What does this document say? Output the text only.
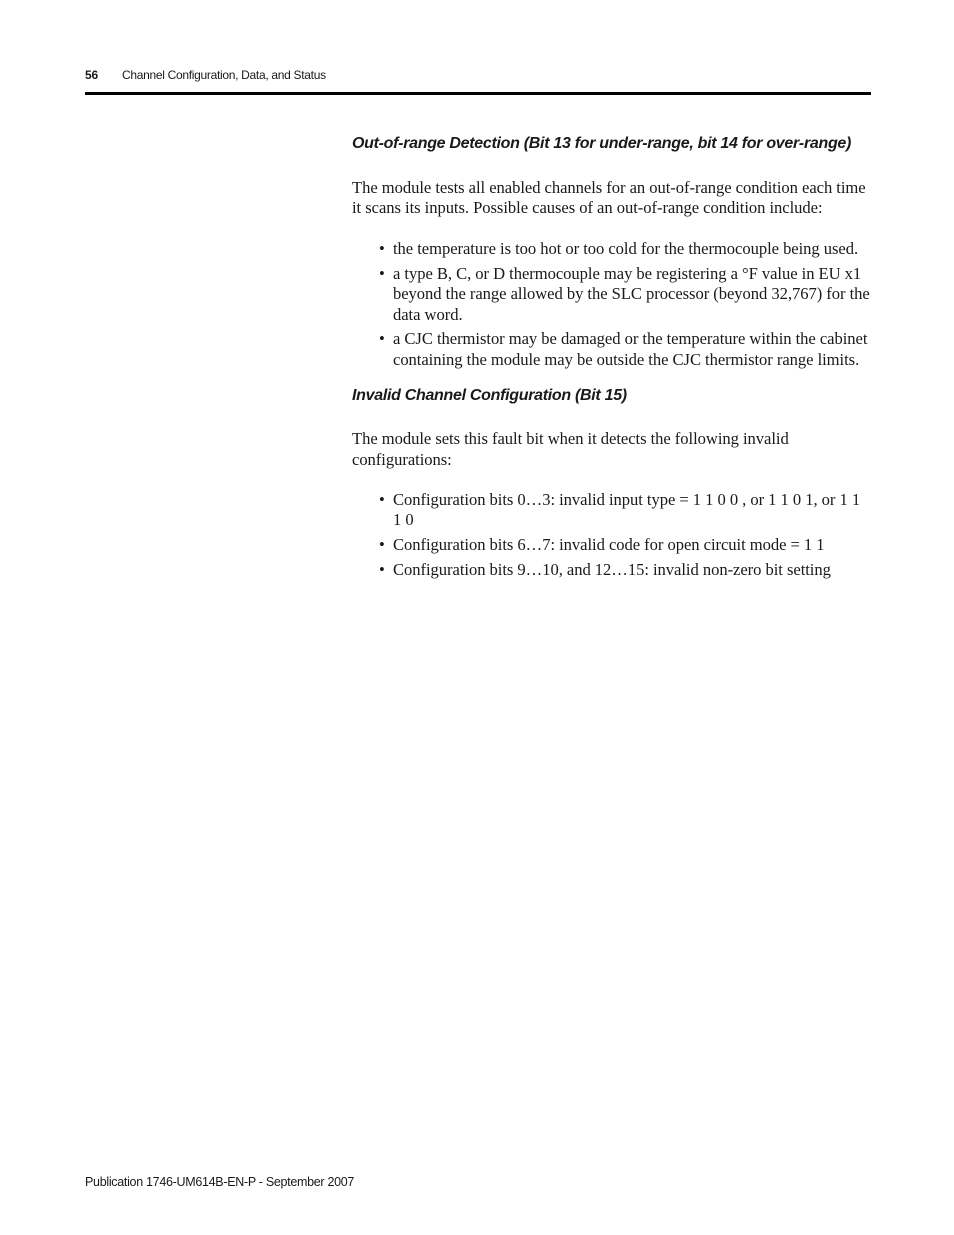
56 Channel Configuration, Data, and Status
Out-of-range Detection (Bit 13 for under-range, bit 14 for over-range)

The module tests all enabled channels for an out-of-range condition each time it scans its inputs. Possible causes of an out-of-range condition include:

• the temperature is too hot or too cold for the thermocouple being used.
• a type B, C, or D thermocouple may be registering a °F value in EU x1 beyond the range allowed by the SLC processor (beyond 32,767) for the data word.
• a CJC thermistor may be damaged or the temperature within the cabinet containing the module may be outside the CJC thermistor range limits.
Invalid Channel Configuration (Bit 15)

The module sets this fault bit when it detects the following invalid configurations:

• Configuration bits 0…3: invalid input type = 1 1 0 0 , or 1 1 0 1, or 1 1 1 0
• Configuration bits 6…7: invalid code for open circuit mode = 1 1
• Configuration bits 9…10, and 12…15: invalid non-zero bit setting
Publication 1746-UM614B-EN-P - September 2007
